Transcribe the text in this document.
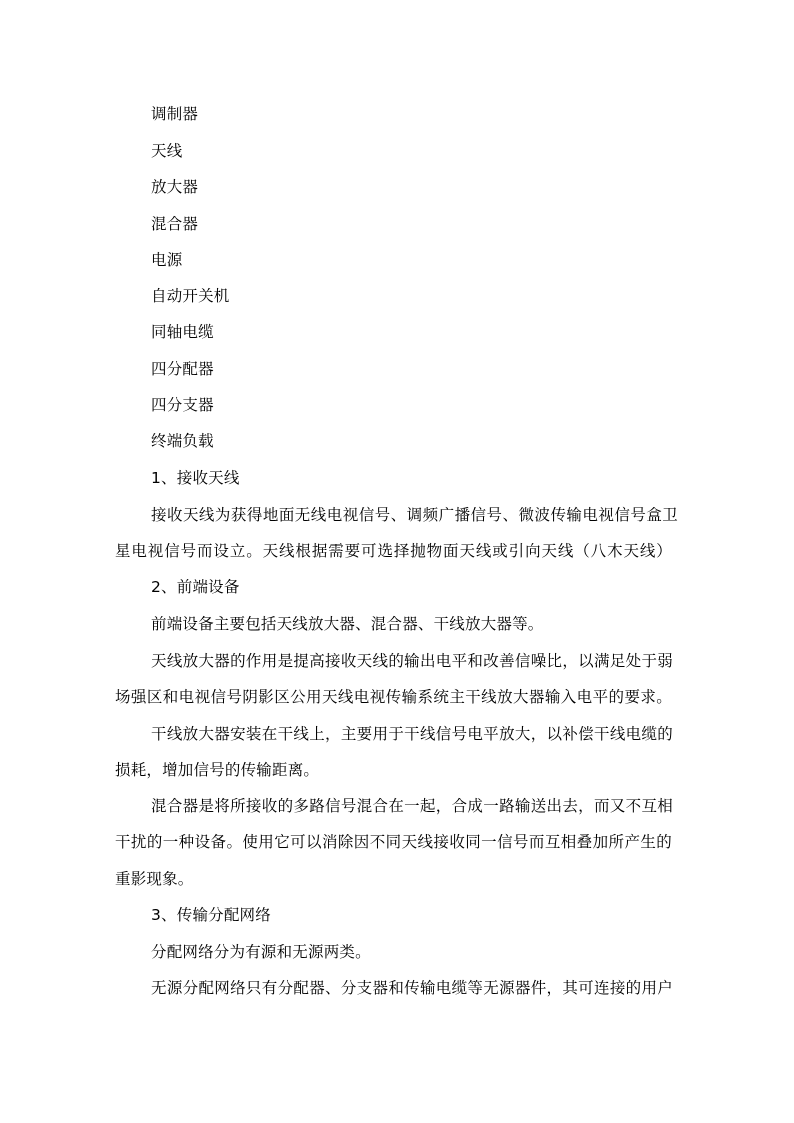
调制器
天线
放大器
混合器
电源
自动开关机
同轴电缆
四分配器
四分支器
终端负载
1、接收天线
接收天线为获得地面无线电视信号、调频广播信号、微波传输电视信号盒卫
星电视信号而设立。天线根据需要可选择抛物面天线或引向天线（八木天线）
2、前端设备
前端设备主要包括天线放大器、混合器、干线放大器等。
天线放大器的作用是提高接收天线的输出电平和改善信噪比，以满足处于弱
场强区和电视信号阴影区公用天线电视传输系统主干线放大器输入电平的要求。
干线放大器安装在干线上，主要用于干线信号电平放大，以补偿干线电缆的
损耗，增加信号的传输距离。
混合器是将所接收的多路信号混合在一起，合成一路输送出去，而又不互相
干扰的一种设备。使用它可以消除因不同天线接收同一信号而互相叠加所产生的
重影现象。
3、传输分配网络
分配网络分为有源和无源两类。
无源分配网络只有分配器、分支器和传输电缆等无源器件，其可连接的用户
